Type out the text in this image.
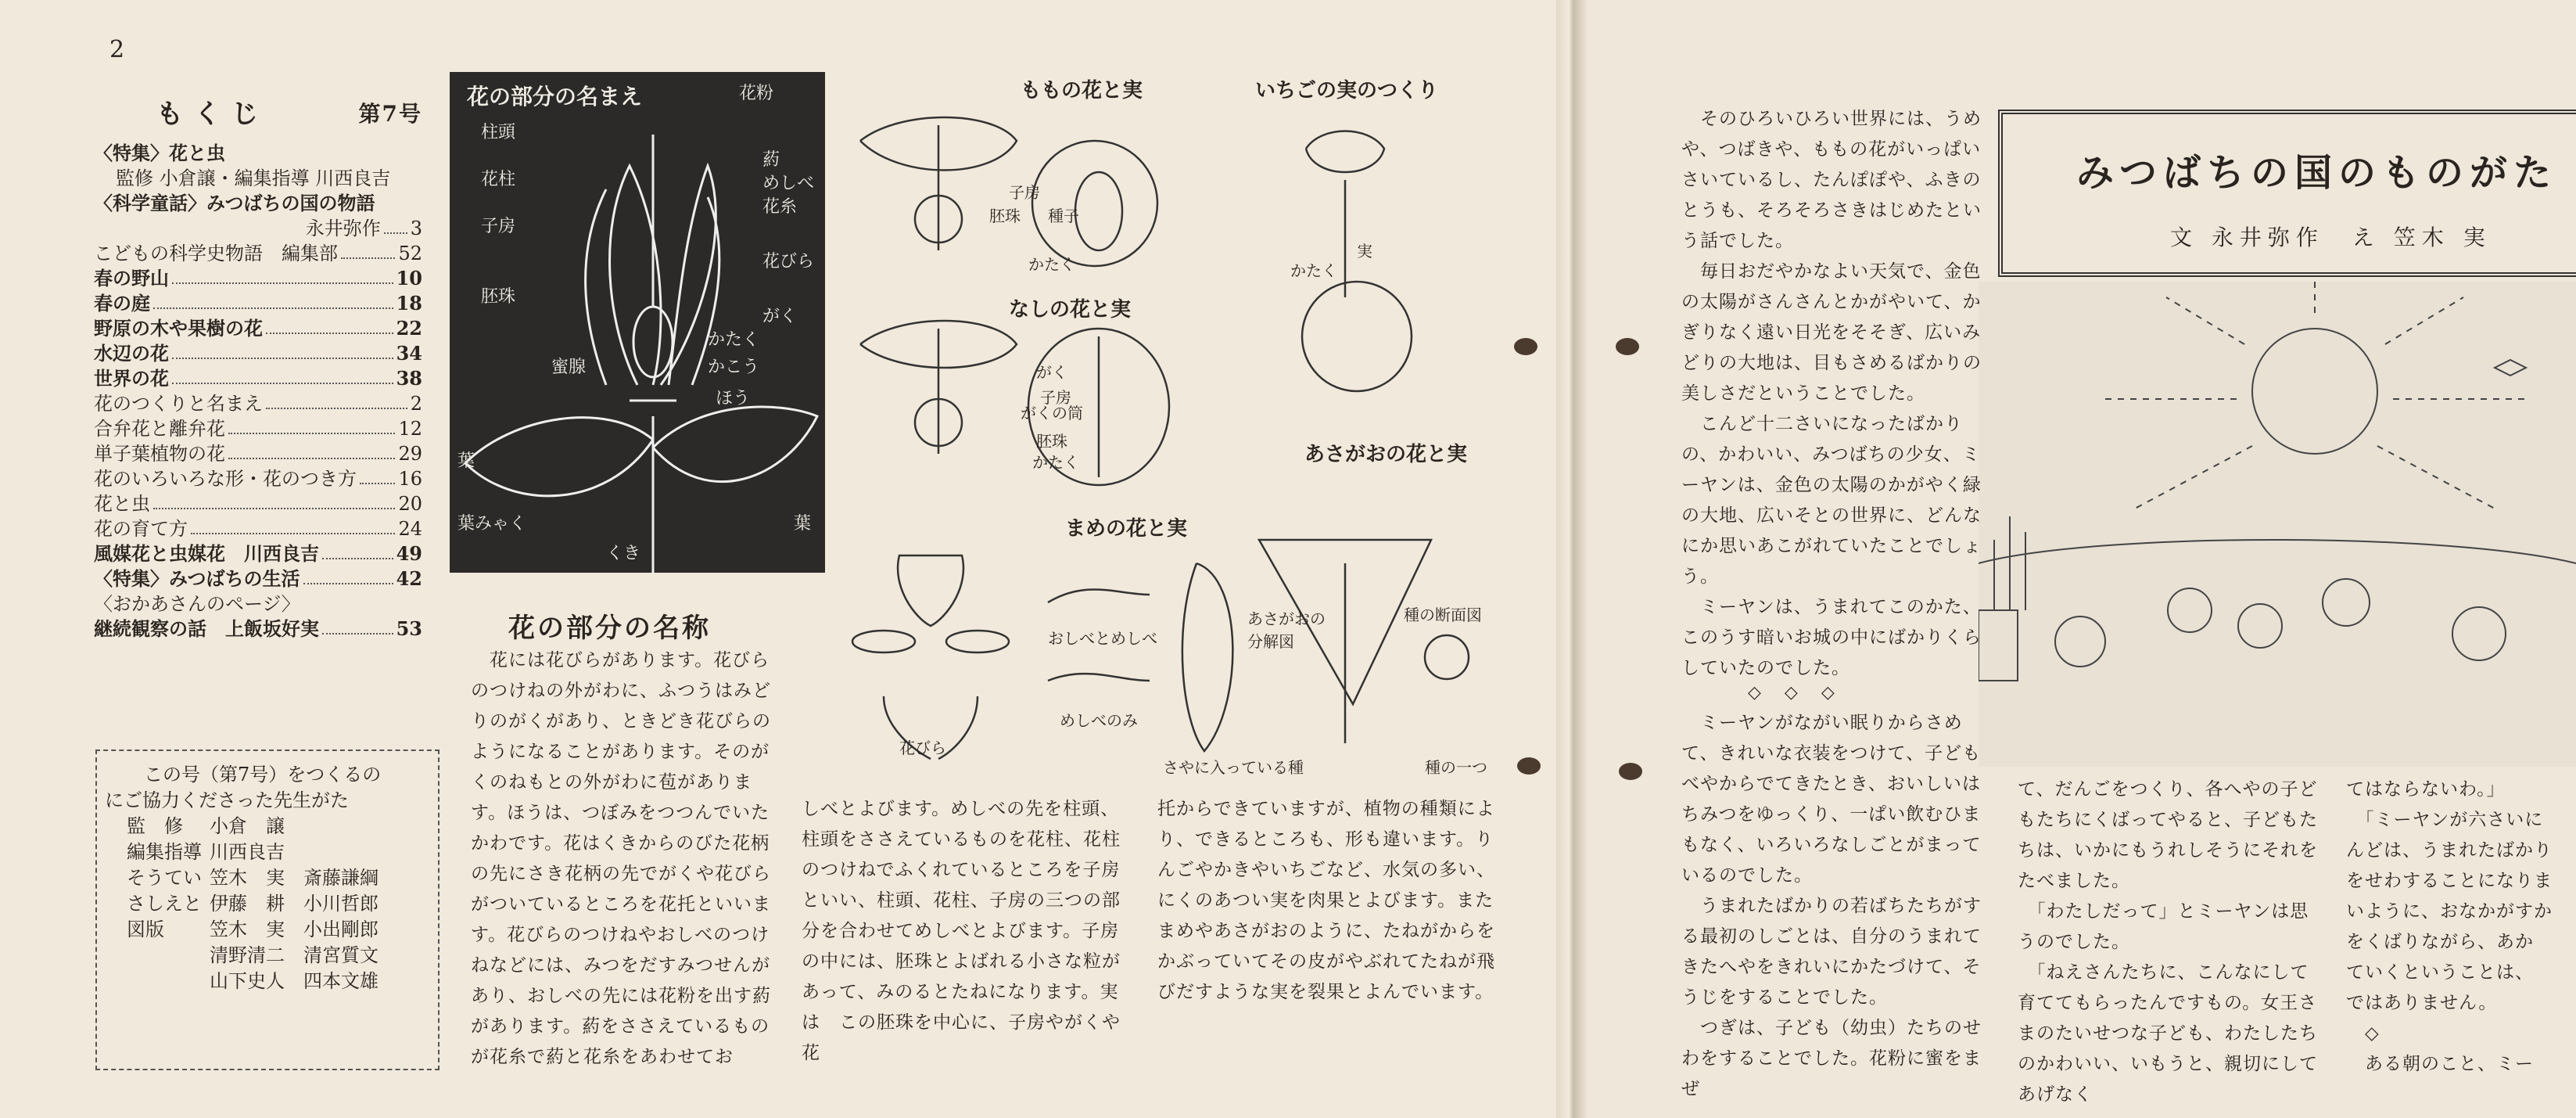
2
もくじ	第7号
〈特集〉花と虫
監修 小倉譲・編集指導 川西良吉
〈科学童話〉みつばちの国の物語
永井弥作 3
こどもの科学史物語　編集部	52
春の野山	10
春の庭	18
野原の木や果樹の花	22
水辺の花	34
世界の花	38
花のつくりと名まえ	2
合弁花と離弁花	12
単子葉植物の花	29
花のいろいろな形・花のつき方 16
花と虫	20
花の育て方	24
風媒花と虫媒花　川西良吉	49
〈特集〉みつばちの生活	42
〈おかあさんのページ〉
継続観察の話　上飯坂好実	53
この号（第7号）をつくるの
にご協力くださった先生がた
監　修	小倉　譲
編集指導	川西良吉
そうてい	笠木　実　斎藤謙綱
さしえと	伊藤　耕　小川哲郎
図版	笠木　実　小出剛郎
	清野清二　清宮質文
	山下史人　四本文雄
花の部分の名まえ	花粉
柱頭
花柱
子房
胚珠
蜜腺
葉
くき
葯
めしべ
花糸
花びら
がく
かたく
かこう
ほう
葉みゃく	葉
ももの花と実
なしの花と実
いちごの実のつくり
あさがおの花と実
まめの花と実
子房
胚珠 種子
かたく
がく
子房
がくの筒
胚珠
かたく
実
かたく
あさがおの分解図
種の断面図
種の一つ
おしべとめしべ
めしべのみ
花びら
さやに入っている種
花の部分の名称
　花には花びらがあります。花びらのつけねの外がわに、ふつうはみどりのがくがあり、ときどき花びらのようになることがあります。そのがくのねもとの外がわに苞があります。ほうは、つぼみをつつんでいたかわです。花はくきからのびた花柄の先にさき花柄の先でがくや花びらがついているところを花托といいます。花びらのつけねやおしべのつけねなどには、みつをだすみつせんがあり、おしべの先には花粉を出す葯があります。葯をささえているものが花糸で葯と花糸をあわせてお
しべとよびます。めしべの先を柱頭、柱頭をささえているものを花柱、花柱のつけねでふくれているところを子房といい、柱頭、花柱、子房の三つの部分を合わせてめしべとよびます。子房の中には、胚珠とよばれる小さな粒があって、みのるとたねになります。実は　この胚珠を中心に、子房やがくや花
托からできていますが、植物の種類により、できるところも、形も違います。りんごやかきやいちごなど、水気の多い、にくのあつい実を肉果とよびます。またまめやあさがおのように、たねがからをかぶっていてその皮がやぶれてたねが飛びだすような実を裂果とよんでいます。
みつばちの国のものがた
文 永井弥作　え 笠木 実
　そのひろいひろい世界には、うめや、つばきや、ももの花がいっぱいさいているし、たんぽぽや、ふきのとうも、そろそろさきはじめたという話でした。
　毎日おだやかなよい天気で、金色の太陽がさんさんとかがやいて、かぎりなく遠い日光をそそぎ、広いみどりの大地は、目もさめるばかりの美しさだということでした。
　こんど十二さいになったばかりの、かわいい、みつばちの少女、ミーヤンは、金色の太陽のかがやく緑の大地、広いそとの世界に、どんなにか思いあこがれていたことでしょう。
　ミーヤンは、うまれてこのかた、このうす暗いお城の中にばかりくらしていたのでした。
◇◇◇
　ミーヤンがながい眠りからさめて、きれいな衣装をつけて、子どもべやからでてきたとき、おいしいはちみつをゆっくり、一ぱい飲むひまもなく、いろいろなしごとがまっているのでした。
　うまれたばかりの若ばちたちがする最初のしごとは、自分のうまれてきたへやをきれいにかたづけて、そうじをすることでした。
　つぎは、子ども（幼虫）たちのせわをすることでした。花粉に蜜をまぜ
て、だんごをつくり、各へやの子どもたちにくばってやると、子どもたちは、いかにもうれしそうにそれをたべました。
　「わたしだって」とミーヤンは思うのでした。
　「ねえさんたちに、こんなにして育ててもらったんですもの。女王さまのたいせつな子ども、わたしたちのかわいい、いもうと、親切にしてあげなく
てはならないわ。」
　「ミーヤンが六さいに
んどは、うまれたばかり
をせわすることになりま
いように、おなかがすか
をくばりながら、あか
ていくということは、
ではありません。
　◇
　ある朝のこと、ミー
